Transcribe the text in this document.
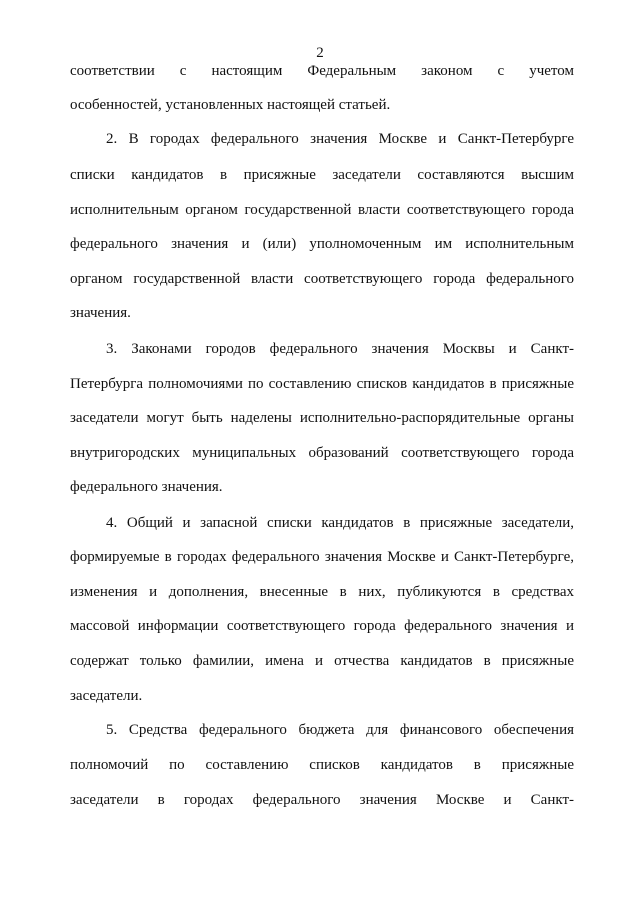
2
соответствии с настоящим Федеральным законом с учетом
особенностей, установленных настоящей статьей.
2. В городах федерального значения Москве и Санкт-Петербурге
списки кандидатов в присяжные заседатели составляются высшим
исполнительным органом государственной власти соответствующего города
федерального значения и (или) уполномоченным им исполнительным
органом государственной власти соответствующего города федерального
значения.
3. Законами городов федерального значения Москвы и Санкт-
Петербурга полномочиями по составлению списков кандидатов в присяжные
заседатели могут быть наделены исполнительно-распорядительные органы
внутригородских муниципальных образований соответствующего города
федерального значения.
4. Общий и запасной списки кандидатов в присяжные заседатели,
формируемые в городах федерального значения Москве и Санкт-Петербурге,
изменения и дополнения, внесенные в них, публикуются в средствах
массовой информации соответствующего города федерального значения и
содержат только фамилии, имена и отчества кандидатов в присяжные
заседатели.
5. Средства федерального бюджета для финансового обеспечения
полномочий по составлению списков кандидатов в присяжные
заседатели в городах федерального значения Москве и Санкт-
